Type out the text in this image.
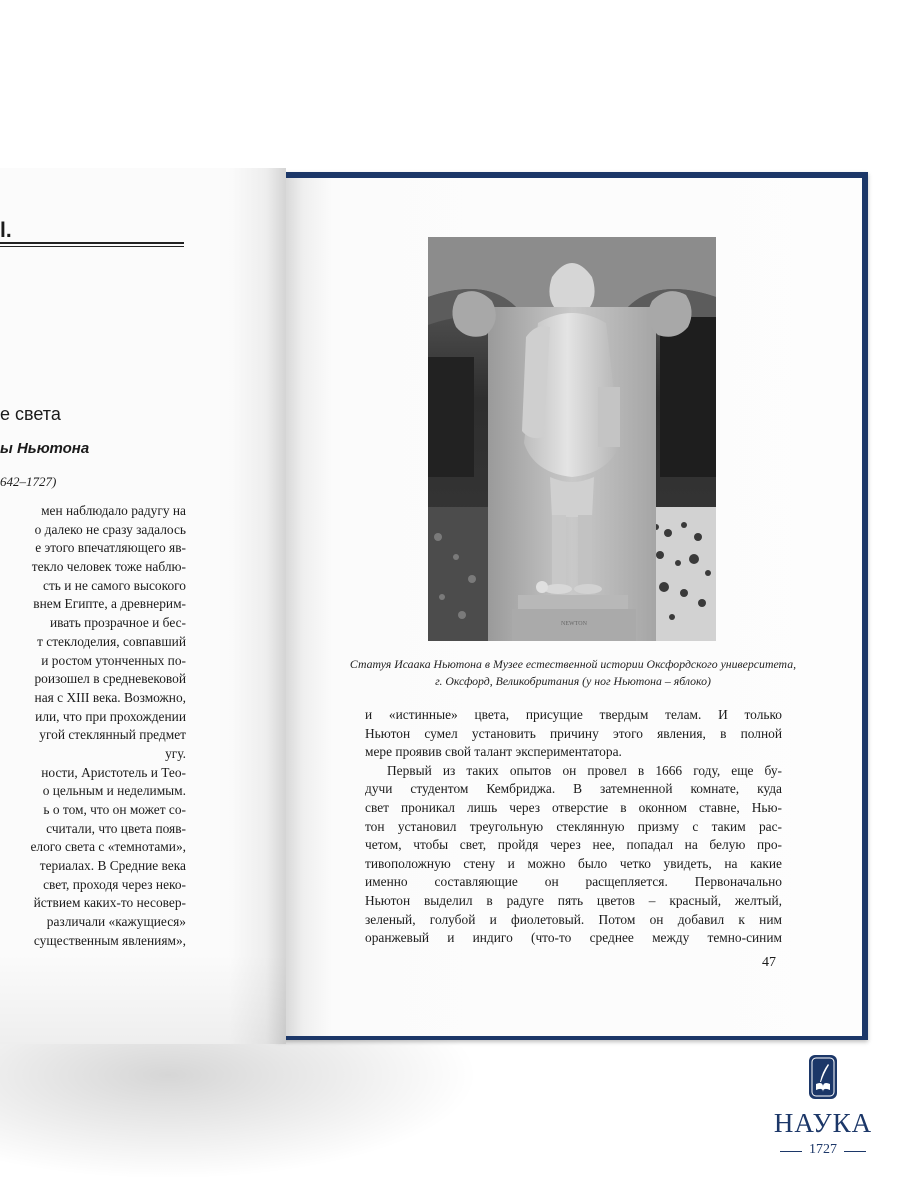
l.
е света
ы Ньютона
642–1727)
мен наблюдало радугу на
о далеко не сразу задалось
е этого впечатляющего яв-
текло человек тоже наблю-
сть и не самого высокого
внем Египте, а древнерим-
ивать прозрачное и бес-
т стеклоделия, совпавший
и ростом утонченных по-
роизошел в средневековой
ная с XIII века. Возможно,
или, что при прохождении
угой стеклянный предмет
угу.
ности, Аристотель и Тео-
о цельным и неделимым.
ь о том, что он может со-
считали, что цвета появ-
елого света с «темнотами»,
териалах. В Средние века
свет, проходя через неко-
йствием каких-то несовер-
различали «кажущиеся»
существенным явлениям»,
NEWTON
Статуя Исаака Ньютона в Музее естественной истории Оксфордского университета, г. Оксфорд, Великобритания (у ног Ньютона – яблоко)
и «истинные» цвета, присущие твердым телам. И только
Ньютон сумел установить причину этого явления, в полной
мере проявив свой талант экспериментатора.
Первый из таких опытов он провел в 1666 году, еще бу-
дучи студентом Кембриджа. В затемненной комнате, куда
свет проникал лишь через отверстие в оконном ставне, Нью-
тон установил треугольную стеклянную призму с таким рас-
четом, чтобы свет, пройдя через нее, попадал на белую про-
тивоположную стену и можно было четко увидеть, на какие
именно составляющие он расщепляется. Первоначально
Ньютон выделил в радуге пять цветов – красный, желтый,
зеленый, голубой и фиолетовый. Потом он добавил к ним
оранжевый и индиго (что-то среднее между темно-синим
47
НАУКА
1727
